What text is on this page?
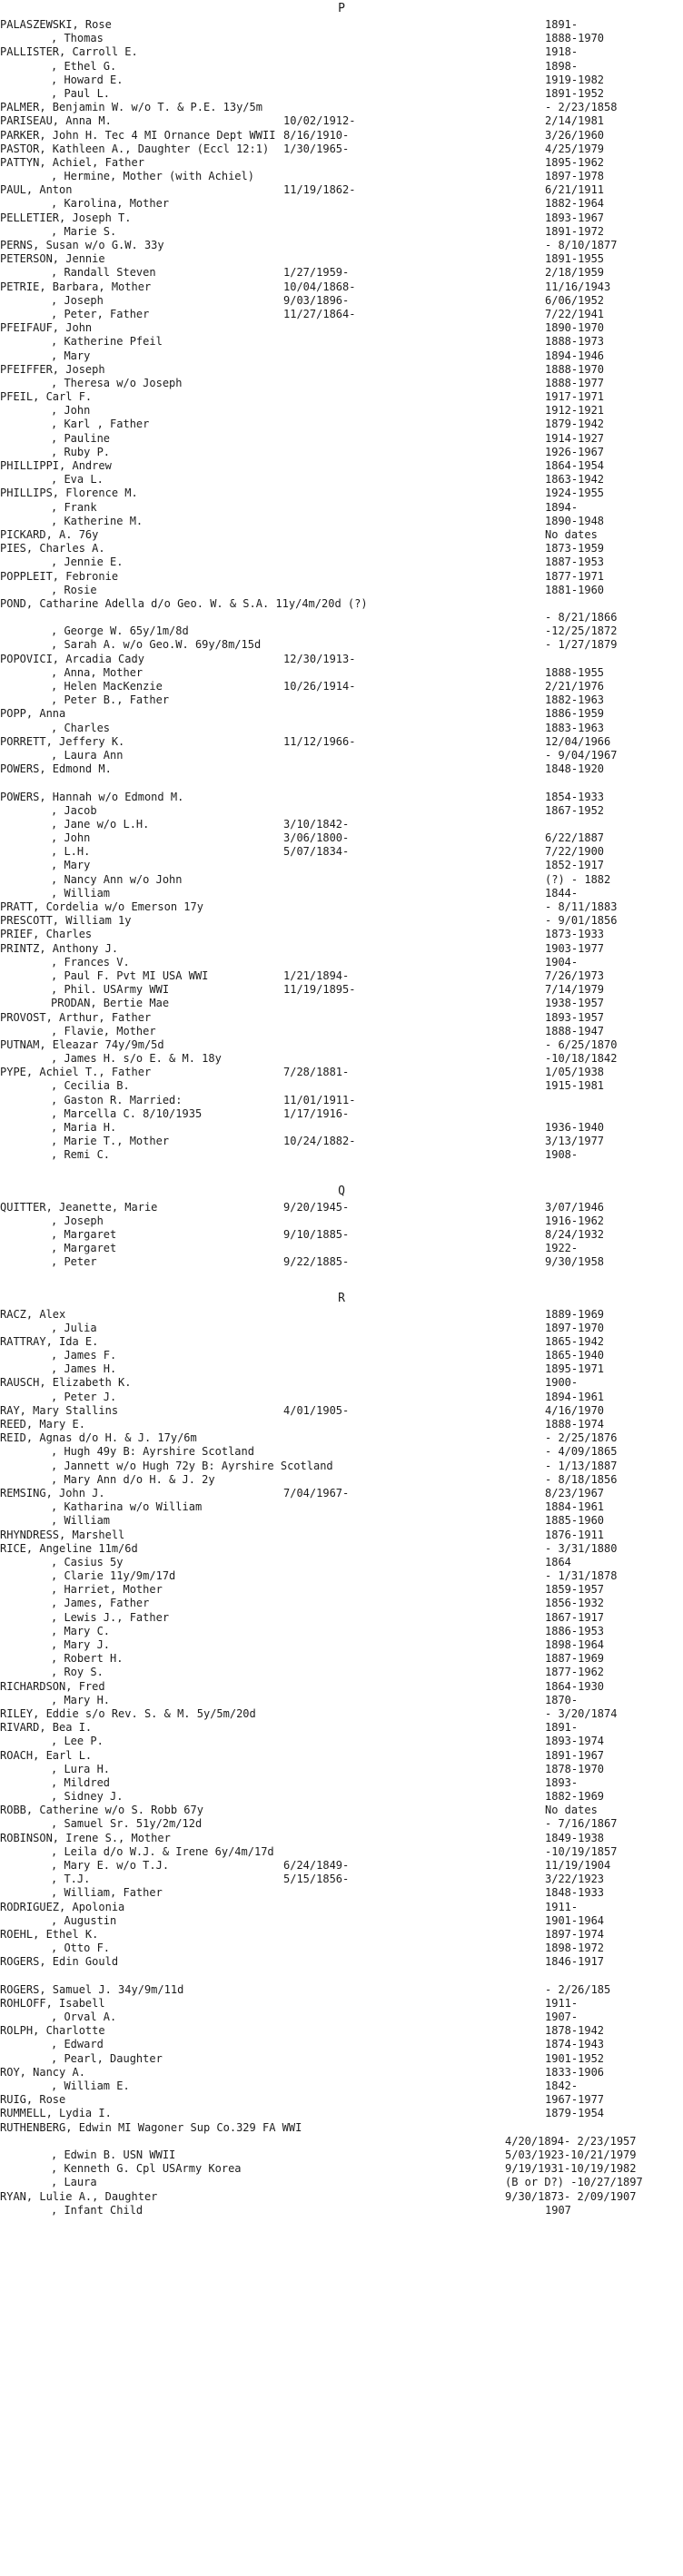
P
PALASZEWSKI, Rose	1891-
, Thomas	1888-1970
PALLISTER, Carroll E.	1918-
, Ethel G.	1898-
, Howard E.	1919-1982
, Paul L.	1891-1952
PALMER, Benjamin W. w/o T. & P.E. 13y/5m	- 2/23/1858
PARISEAU, Anna M.	10/02/1912-	2/14/1981
PARKER, John H. Tec 4 MI Ornance Dept WWII 8/16/1910-	3/26/1960
PASTOR, Kathleen A., Daughter (Eccl 12:1) 1/30/1965-	4/25/1979
PATTYN, Achiel, Father	1895-1962
, Hermine, Mother (with Achiel)	1897-1978
PAUL, Anton	11/19/1862-	6/21/1911
, Karolina, Mother	1882-1964
PELLETIER, Joseph T.	1893-1967
, Marie S.	1891-1972
PERNS, Susan w/o G.W. 33y	- 8/10/1877
PETERSON, Jennie	1891-1955
, Randall Steven	1/27/1959-	2/18/1959
PETRIE, Barbara, Mother	10/04/1868-	11/16/1943
, Joseph	9/03/1896-	6/06/1952
, Peter, Father	11/27/1864-	7/22/1941
PFEIFAUF, John	1890-1970
, Katherine Pfeil	1888-1973
, Mary	1894-1946
PFEIFFER, Joseph	1888-1970
, Theresa w/o Joseph	1888-1977
PFEIL, Carl F.	1917-1971
, John	1912-1921
, Karl , Father	1879-1942
, Pauline	1914-1927
, Ruby P.	1926-1967
PHILLIPPI, Andrew	1864-1954
, Eva L.	1863-1942
PHILLIPS, Florence M.	1924-1955
, Frank	1894-
, Katherine M.	1890-1948
PICKARD, A. 76y	No dates
PIES, Charles A.	1873-1959
, Jennie E.	1887-1953
POPPLEIT, Febronie	1877-1971
, Rosie	1881-1960
POND, Catharine Adella d/o Geo. W. & S.A. 11y/4m/20d (?)
- 8/21/1866
, George W. 65y/1m/8d	-12/25/1872
, Sarah A. w/o Geo.W. 69y/8m/15d	- 1/27/1879
POPOVICI, Arcadia Cady	12/30/1913-
, Anna, Mother	1888-1955
, Helen MacKenzie	10/26/1914-	2/21/1976
, Peter B., Father	1882-1963
POPP, Anna	1886-1959
, Charles	1883-1963
PORRETT, Jeffery K.	11/12/1966-	12/04/1966
, Laura Ann	- 9/04/1967
POWERS, Edmond M.	1848-1920
POWERS, Hannah w/o Edmond M.	1854-1933
, Jacob	1867-1952
, Jane w/o L.H.	3/10/1842-
, John	3/06/1800-	6/22/1887
, L.H.	5/07/1834-	7/22/1900
, Mary	1852-1917
, Nancy Ann w/o John	(?) - 1882
, William	1844-
PRATT, Cordelia w/o Emerson 17y	- 8/11/1883
PRESCOTT, William 1y	- 9/01/1856
PRIEF, Charles	1873-1933
PRINTZ, Anthony J.	1903-1977
, Frances V.	1904-
, Paul F. Pvt MI USA WWI	1/21/1894-	7/26/1973
, Phil. USArmy WWI	11/19/1895-	7/14/1979
PRODAN, Bertie Mae	1938-1957
PROVOST, Arthur, Father	1893-1957
, Flavie, Mother	1888-1947
PUTNAM, Eleazar 74y/9m/5d	- 6/25/1870
, James H. s/o E. & M. 18y	-10/18/1842
PYPE, Achiel T., Father	7/28/1881-	1/05/1938
, Cecilia B.	1915-1981
, Gaston R. Married:	11/01/1911-
, Marcella C. 8/10/1935	1/17/1916-
, Maria H.	1936-1940
, Marie T., Mother	10/24/1882-	3/13/1977
, Remi C.	1908-
Q
QUITTER, Jeanette, Marie	9/20/1945-	3/07/1946
, Joseph	1916-1962
, Margaret	9/10/1885-	8/24/1932
, Margaret	1922-
, Peter	9/22/1885-	9/30/1958
R
RACZ, Alex	1889-1969
, Julia	1897-1970
RATTRAY, Ida E.	1865-1942
, James F.	1865-1940
, James H.	1895-1971
RAUSCH, Elizabeth K.	1900-
, Peter J.	1894-1961
RAY, Mary Stallins	4/01/1905-	4/16/1970
REED, Mary E.	1888-1974
REID, Agnas d/o H. & J. 17y/6m	- 2/25/1876
, Hugh 49y B: Ayrshire Scotland	- 4/09/1865
, Jannett w/o Hugh 72y B: Ayrshire Scotland	- 1/13/1887
, Mary Ann d/o H. & J. 2y	- 8/18/1856
REMSING, John J.	7/04/1967-	8/23/1967
, Katharina w/o William	1884-1961
, William	1885-1960
RHYNDRESS, Marshell	1876-1911
RICE, Angeline 11m/6d	- 3/31/1880
, Casius 5y	1864
, Clarie 11y/9m/17d	- 1/31/1878
, Harriet, Mother	1859-1957
, James, Father	1856-1932
, Lewis J., Father	1867-1917
, Mary C.	1886-1953
, Mary J.	1898-1964
, Robert H.	1887-1969
, Roy S.	1877-1962
RICHARDSON, Fred	1864-1930
, Mary H.	1870-
RILEY, Eddie s/o Rev. S. & M. 5y/5m/20d	- 3/20/1874
RIVARD, Bea I.	1891-
, Lee P.	1893-1974
ROACH, Earl L.	1891-1967
, Lura H.	1878-1970
, Mildred	1893-
, Sidney J.	1882-1969
ROBB, Catherine w/o S. Robb 67y	No dates
, Samuel Sr. 51y/2m/12d	- 7/16/1867
ROBINSON, Irene S., Mother	1849-1938
, Leila d/o W.J. & Irene 6y/4m/17d	-10/19/1857
, Mary E. w/o T.J.	6/24/1849-	11/19/1904
, T.J.	5/15/1856-	3/22/1923
, William, Father	1848-1933
RODRIGUEZ, Apolonia	1911-
, Augustin	1901-1964
ROEHL, Ethel K.	1897-1974
, Otto F.	1898-1972
ROGERS, Edin Gould	1846-1917
ROGERS, Samuel J. 34y/9m/11d	- 2/26/185
ROHLOFF, Isabell	1911-
, Orval A.	1907-
ROLPH, Charlotte	1878-1942
, Edward	1874-1943
, Pearl, Daughter	1901-1952
ROY, Nancy A.	1833-1906
, William E.	1842-
RUIG, Rose	1967-1977
RUMMELL, Lydia I.	1879-1954
RUTHENBERG, Edwin MI Wagoner Sup Co.329 FA WWI
4/20/1894- 2/23/1957
, Edwin B. USN WWII	5/03/1923-10/21/1979
, Kenneth G. Cpl USArmy Korea	9/19/1931-10/19/1982
, Laura	(B or D?) -10/27/1897
RYAN, Lulie A., Daughter	9/30/1873- 2/09/1907
, Infant Child	1907
